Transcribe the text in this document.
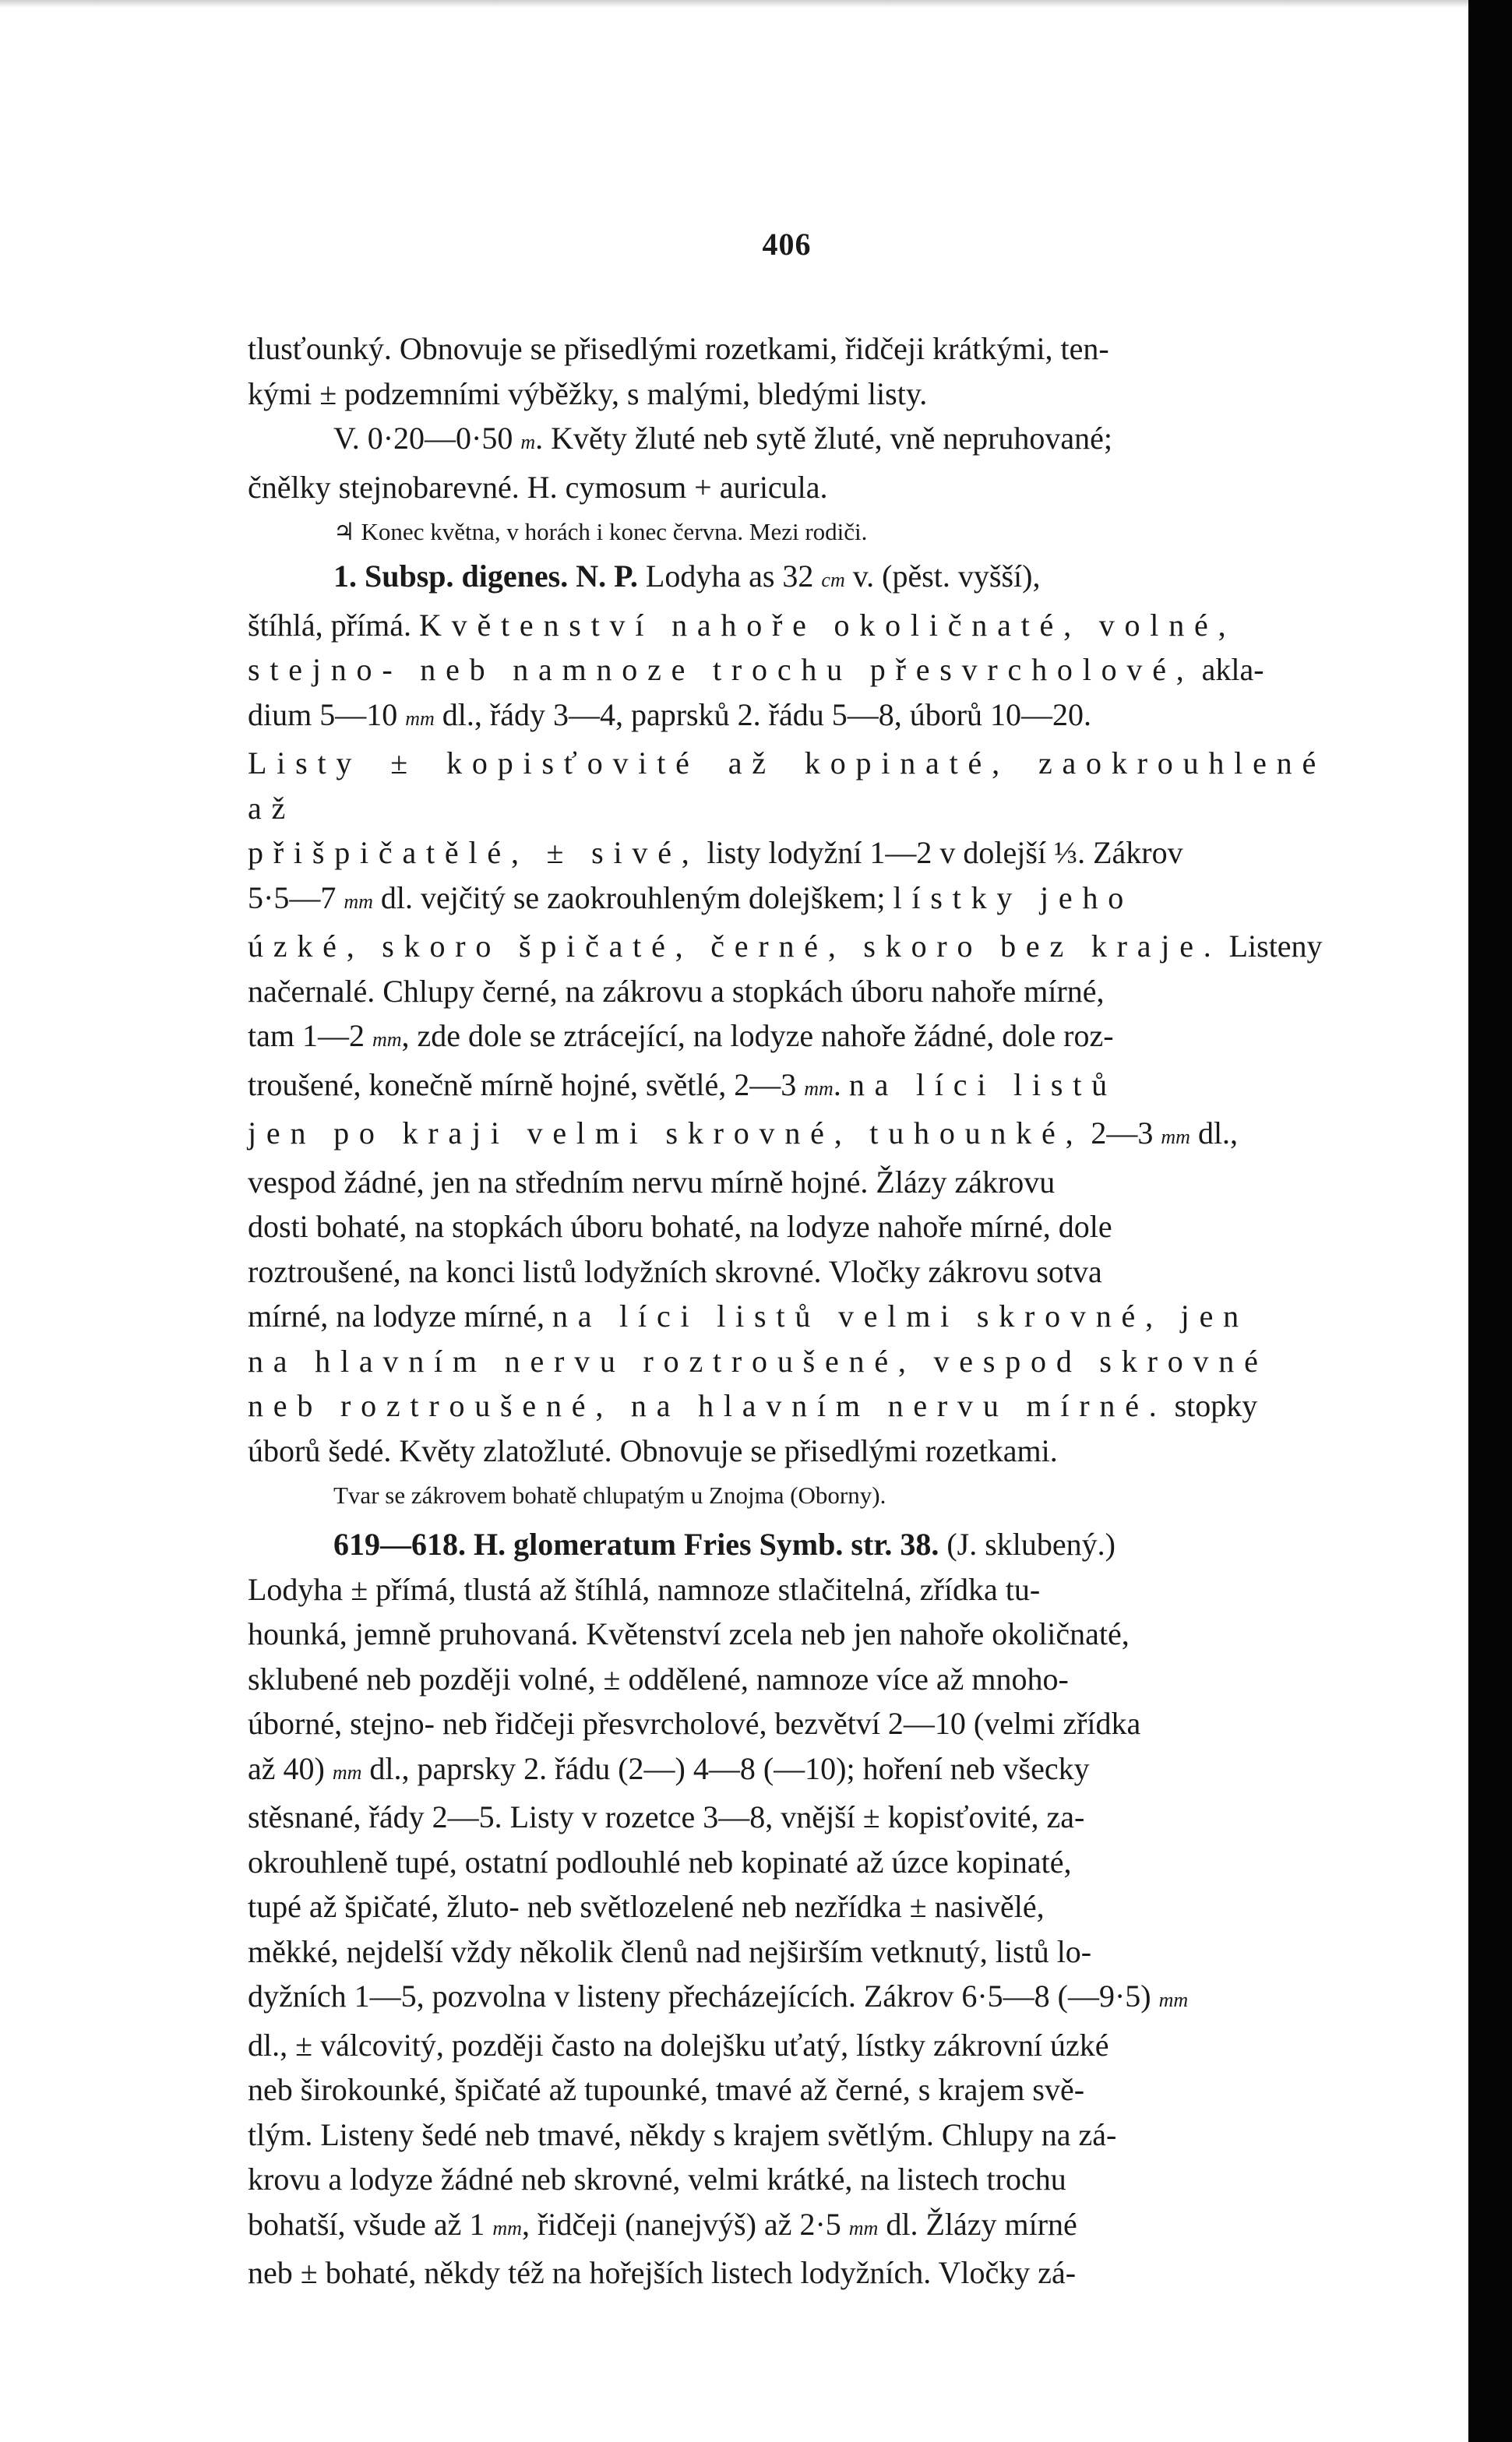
406
tlusťounký. Obnovuje se přisedlými rozetkami, řidčeji krátkými, ten-
kými ± podzemními výběžky, s malými, bledými listy.
V. 0·20—0·50 m. Květy žluté neb sytě žluté, vně nepruhované;
čnělky stejnobarevné. H. cymosum + auricula.
♃ Konec května, v horách i konec června. Mezi rodiči.
1. Subsp. digenes. N. P. Lodyha as 32 cm v. (pěst. vyšší),
štíhlá, přímá. Květenství nahoře okoličnaté, volné,
stejno- neb namnoze trochu přesvrcholové, akla-
dium 5—10 mm dl., řády 3—4, paprsků 2. řádu 5—8, úborů 10—20.
Listy ± kopisťovité až kopinaté, zaokrouhlené až
přišpičatělé, ± sivé, listy lodyžní 1—2 v dolejší ⅓. Zákrov
5·5—7 mm dl. vejčitý se zaokrouhleným dolejškem; lístky jeho
úzké, skoro špičaté, černé, skoro bez kraje. Listeny
načernalé. Chlupy černé, na zákrovu a stopkách úboru nahoře mírné,
tam 1—2 mm, zde dole se ztrácející, na lodyze nahoře žádné, dole roz-
troušené, konečně mírně hojné, světlé, 2—3 mm. na líci listů
jen po kraji velmi skrovné, tuhounké, 2—3 mm dl.,
vespod žádné, jen na středním nervu mírně hojné. Žlázy zákrovu
dosti bohaté, na stopkách úboru bohaté, na lodyze nahoře mírné, dole
roztroušené, na konci listů lodyžních skrovné. Vločky zákrovu sotva
mírné, na lodyze mírné, na líci listů velmi skrovné, jen
na hlavním nervu roztroušené, vespod skrovné
neb roztroušené, na hlavním nervu mírné. stopky
úborů šedé. Květy zlatožluté. Obnovuje se přisedlými rozetkami.
Tvar se zákrovem bohatě chlupatým u Znojma (Oborny).
619—618. H. glomeratum Fries Symb. str. 38. (J. sklubený.)
Lodyha ± přímá, tlustá až štíhlá, namnoze stlačitelná, zřídka tu-
hounká, jemně pruhovaná. Květenství zcela neb jen nahoře okoličnaté,
sklubené neb později volné, ± oddělené, namnoze více až mnoho-
úborné, stejno- neb řidčeji přesvrcholové, bezvětví 2—10 (velmi zřídka
až 40) mm dl., paprsky 2. řádu (2—) 4—8 (—10); hoření neb všecky
stěsnané, řády 2—5. Listy v rozetce 3—8, vnější ± kopisťovité, za-
okrouhleně tupé, ostatní podlouhlé neb kopinaté až úzce kopinaté,
tupé až špičaté, žluto- neb světlozelené neb nezřídka ± nasivělé,
měkké, nejdelší vždy několik členů nad nejširším vetknutý, listů lo-
dyžních 1—5, pozvolna v listeny přecházejících. Zákrov 6·5—8 (—9·5) mm
dl., ± válcovitý, později často na dolejšku uťatý, lístky zákrovní úzké
neb širokounké, špičaté až tupounké, tmavé až černé, s krajem svě-
tlým. Listeny šedé neb tmavé, někdy s krajem světlým. Chlupy na zá-
krovu a lodyze žádné neb skrovné, velmi krátké, na listech trochu
bohatší, všude až 1 mm, řidčeji (nanejvýš) až 2·5 mm dl. Žlázy mírné
neb ± bohaté, někdy též na hořejších listech lodyžních. Vločky zá-
